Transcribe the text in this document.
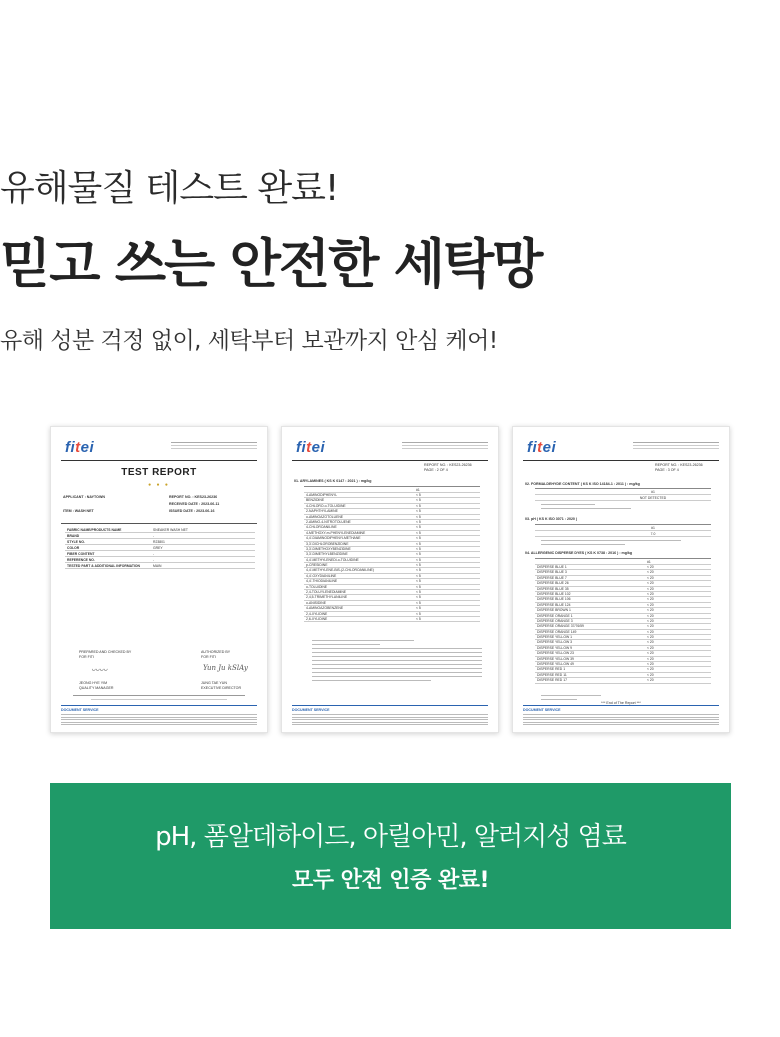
유해물질 테스트 완료!
믿고 쓰는 안전한 세탁망
유해 성분 걱정 없이, 세탁부터 보관까지 안심 케어!
fitei
TEST REPORT
● ● ●
APPLICANT : NAYTOWN
ITEM : WASH NET
REPORT NO. : KES23-26236
RECEIVED DATE : 2023-06-11
ISSUED DATE : 2023-06-16
FABRIC NAME/PRODUCTS NAME	SNEAKER WASH NET
BRAND	-
STYLE NO.	R23801
COLOR	GREY
FIBER CONTENT	-
REFERENCE NO.	-
TESTED PART & ADDITIONAL INFORMATION	MAIN
PREPARED AND CHECKED BY
FOR FITI
〰〰
JEONG HYE YIM
QUALITY MANAGER
AUTHORIZED BY
FOR FITI
Yun Ju kSlAy
JUNG TAE YUN
EXECUTIVE DIRECTOR
DOCUMENT SERVICE
fitei
REPORT NO. : KES23-26236
PAGE : 2 OF 4
01. ARYLAMINES ( KS K 0147 : 2021 ) : mg/kg
#1
4-AMINODIPHENYL	< 5
BENZIDINE	< 5
4-CHLORO-o-TOLUIDINE	< 5
2-NAPHTHYLAMINE	< 5
o-AMINOAZOTOLUENE	< 5
2-AMINO-4-NITROTOLUENE	< 5
4-CHLOROANILINE	< 5
4-METHOXY-m-PHENYLENEDIAMINE	< 5
4,4'-DIAMINODIPHENYLMETHANE	< 5
3,3'-DICHLOROBENZIDINE	< 5
3,3'-DIMETHOXYBENZIDINE	< 5
3,3'-DIMETHYLBENZIDINE	< 5
4,4'-METHYLENEDI-o-TOLUIDINE	< 5
p-CRESIDINE	< 5
4,4'-METHYLENE-BIS-(2-CHLOROANILINE)	< 5
4,4'-OXYDIANILINE	< 5
4,4'-THIODIANILINE	< 5
o-TOLUIDINE	< 5
2,4-TOLUYLENEDIAMINE	< 5
2,4,5-TRIMETHYLANILINE	< 5
o-ANISIDINE	< 5
4-AMINOAZOBENZENE	< 5
2,4-XYLIDINE	< 5
2,6-XYLIDINE	< 5
DOCUMENT SERVICE
fitei
REPORT NO. : KES23-26236
PAGE : 3 OF 4
02. FORMALDEHYDE CONTENT ( KS K ISO 14184-1 : 2011 ) : mg/kg
#1
NOT DETECTED
03. pH ( KS K ISO 3071 : 2020 )
#1
7.0
04. ALLERGENIC DISPERSE DYES ( KS K 0738 : 2016 ) : mg/kg
#1
DISPERSE BLUE 1	< 20
DISPERSE BLUE 3	< 20
DISPERSE BLUE 7	< 20
DISPERSE BLUE 26	< 20
DISPERSE BLUE 35	< 20
DISPERSE BLUE 102	< 20
DISPERSE BLUE 106	< 20
DISPERSE BLUE 124	< 20
DISPERSE BROWN 1	< 20
DISPERSE ORANGE 1	< 20
DISPERSE ORANGE 3	< 20
DISPERSE ORANGE 37/76/59	< 20
DISPERSE ORANGE 149	< 20
DISPERSE YELLOW 1	< 20
DISPERSE YELLOW 3	< 20
DISPERSE YELLOW 9	< 20
DISPERSE YELLOW 23	< 20
DISPERSE YELLOW 39	< 20
DISPERSE YELLOW 49	< 20
DISPERSE RED 1	< 20
DISPERSE RED 11	< 20
DISPERSE RED 17	< 20
*** End of The Report ***
DOCUMENT SERVICE
pH, 폼알데하이드, 아릴아민, 알러지성 염료
모두 안전 인증 완료!
